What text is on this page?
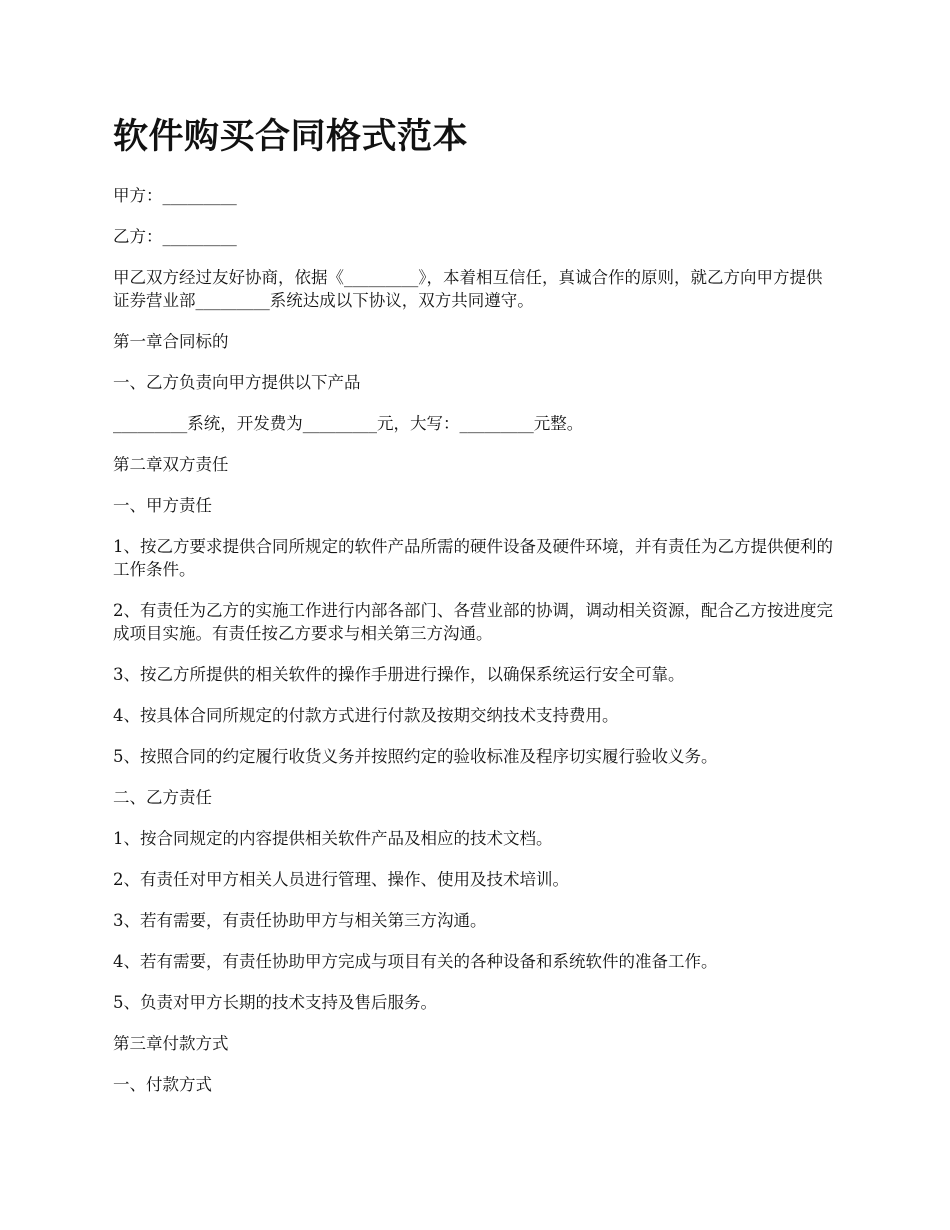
软件购买合同格式范本

甲方：_________

乙方：_________

甲乙双方经过友好协商，依据《_________》，本着相互信任，真诚合作的原则，就乙方向甲方提供证券营业部_________系统达成以下协议，双方共同遵守。

第一章合同标的

一、乙方负责向甲方提供以下产品

_________系统，开发费为_________元，大写：_________元整。

第二章双方责任

一、甲方责任

1、按乙方要求提供合同所规定的软件产品所需的硬件设备及硬件环境，并有责任为乙方提供便利的工作条件。

2、有责任为乙方的实施工作进行内部各部门、各营业部的协调，调动相关资源，配合乙方按进度完成项目实施。有责任按乙方要求与相关第三方沟通。

3、按乙方所提供的相关软件的操作手册进行操作，以确保系统运行安全可靠。

4、按具体合同所规定的付款方式进行付款及按期交纳技术支持费用。

5、按照合同的约定履行收货义务并按照约定的验收标准及程序切实履行验收义务。

二、乙方责任

1、按合同规定的内容提供相关软件产品及相应的技术文档。

2、有责任对甲方相关人员进行管理、操作、使用及技术培训。

3、若有需要，有责任协助甲方与相关第三方沟通。

4、若有需要，有责任协助甲方完成与项目有关的各种设备和系统软件的准备工作。

5、负责对甲方长期的技术支持及售后服务。

第三章付款方式

一、付款方式
